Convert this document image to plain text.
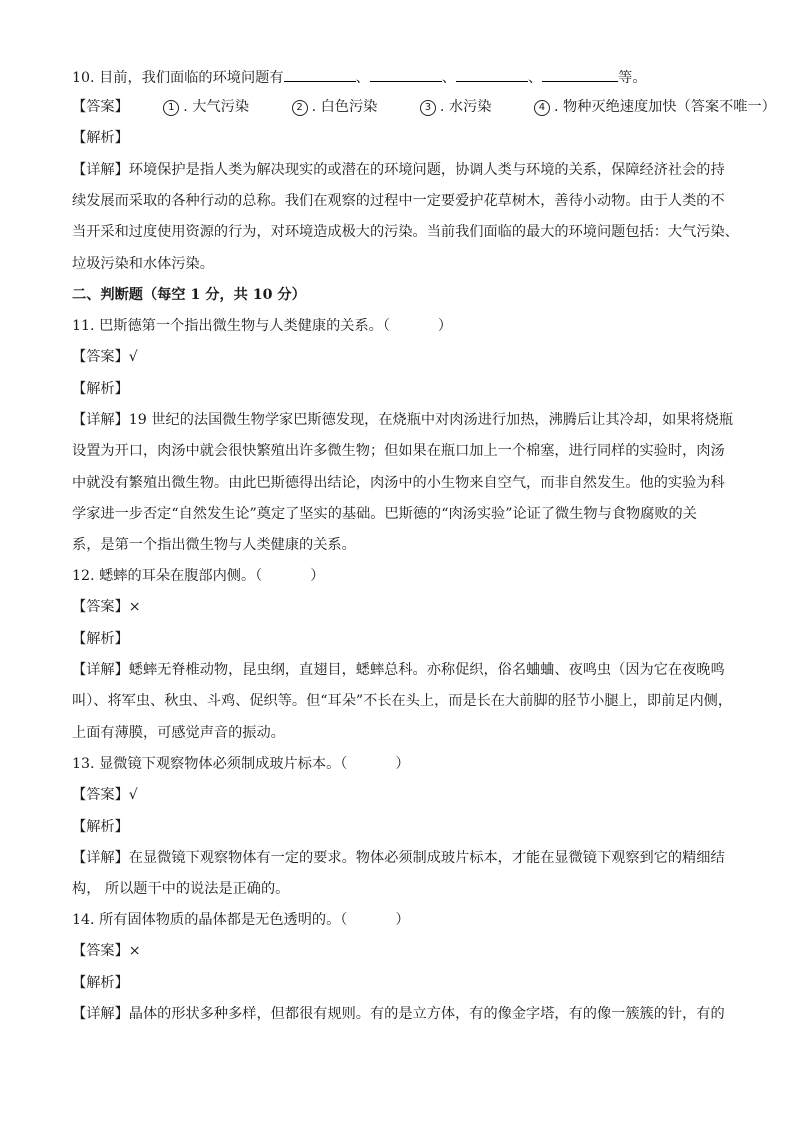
10. 目前，我们面临的环境问题有	、	、	、	等。
【答案】	1 . 大气污染	2 . 白色污染	3 . 水污染	4 . 物种灭绝速度加快（答案不唯一）
【解析】
【详解】环境保护是指人类为解决现实的或潜在的环境问题，协调人类与环境的关系，保障经济社会的持
续发展而采取的各种行动的总称。我们在观察的过程中一定要爱护花草树木，善待小动物。由于人类的不
当开采和过度使用资源的行为，对环境造成极大的污染。当前我们面临的最大的环境问题包括：大气污染、
垃圾污染和水体污染。
二、判断题（每空 1 分，共 10 分）
11. 巴斯德第一个指出微生物与人类健康的关系。（	）
【答案】√
【解析】
【详解】19 世纪的法国微生物学家巴斯德发现，在烧瓶中对肉汤进行加热，沸腾后让其冷却，如果将烧瓶
设置为开口，肉汤中就会很快繁殖出许多微生物；但如果在瓶口加上一个棉塞，进行同样的实验时，肉汤
中就没有繁殖出微生物。由此巴斯德得出结论，肉汤中的小生物来自空气，而非自然发生。他的实验为科
学家进一步否定“自然发生论”奠定了坚实的基础。巴斯德的“肉汤实验”论证了微生物与食物腐败的关
系，是第一个指出微生物与人类健康的关系。
12. 蟋蟀的耳朵在腹部内侧。（	）
【答案】×
【解析】
【详解】蟋蟀无脊椎动物，昆虫纲，直翅目，蟋蟀总科。亦称促织，俗名蛐蛐、夜鸣虫（因为它在夜晚鸣
叫）、将军虫、秋虫、斗鸡、促织等。但“耳朵”不长在头上，而是长在大前脚的胫节小腿上，即前足内侧，
上面有薄膜，可感觉声音的振动。
13. 显微镜下观察物体必须制成玻片标本。（	）
【答案】√
【解析】
【详解】在显微镜下观察物体有一定的要求。物体必须制成玻片标本，才能在显微镜下观察到它的精细结
构， 所以题干中的说法是正确的。
14. 所有固体物质的晶体都是无色透明的。（	）
【答案】×
【解析】
【详解】晶体的形状多种多样，但都很有规则。有的是立方体，有的像金字塔，有的像一簇簇的针，有的
